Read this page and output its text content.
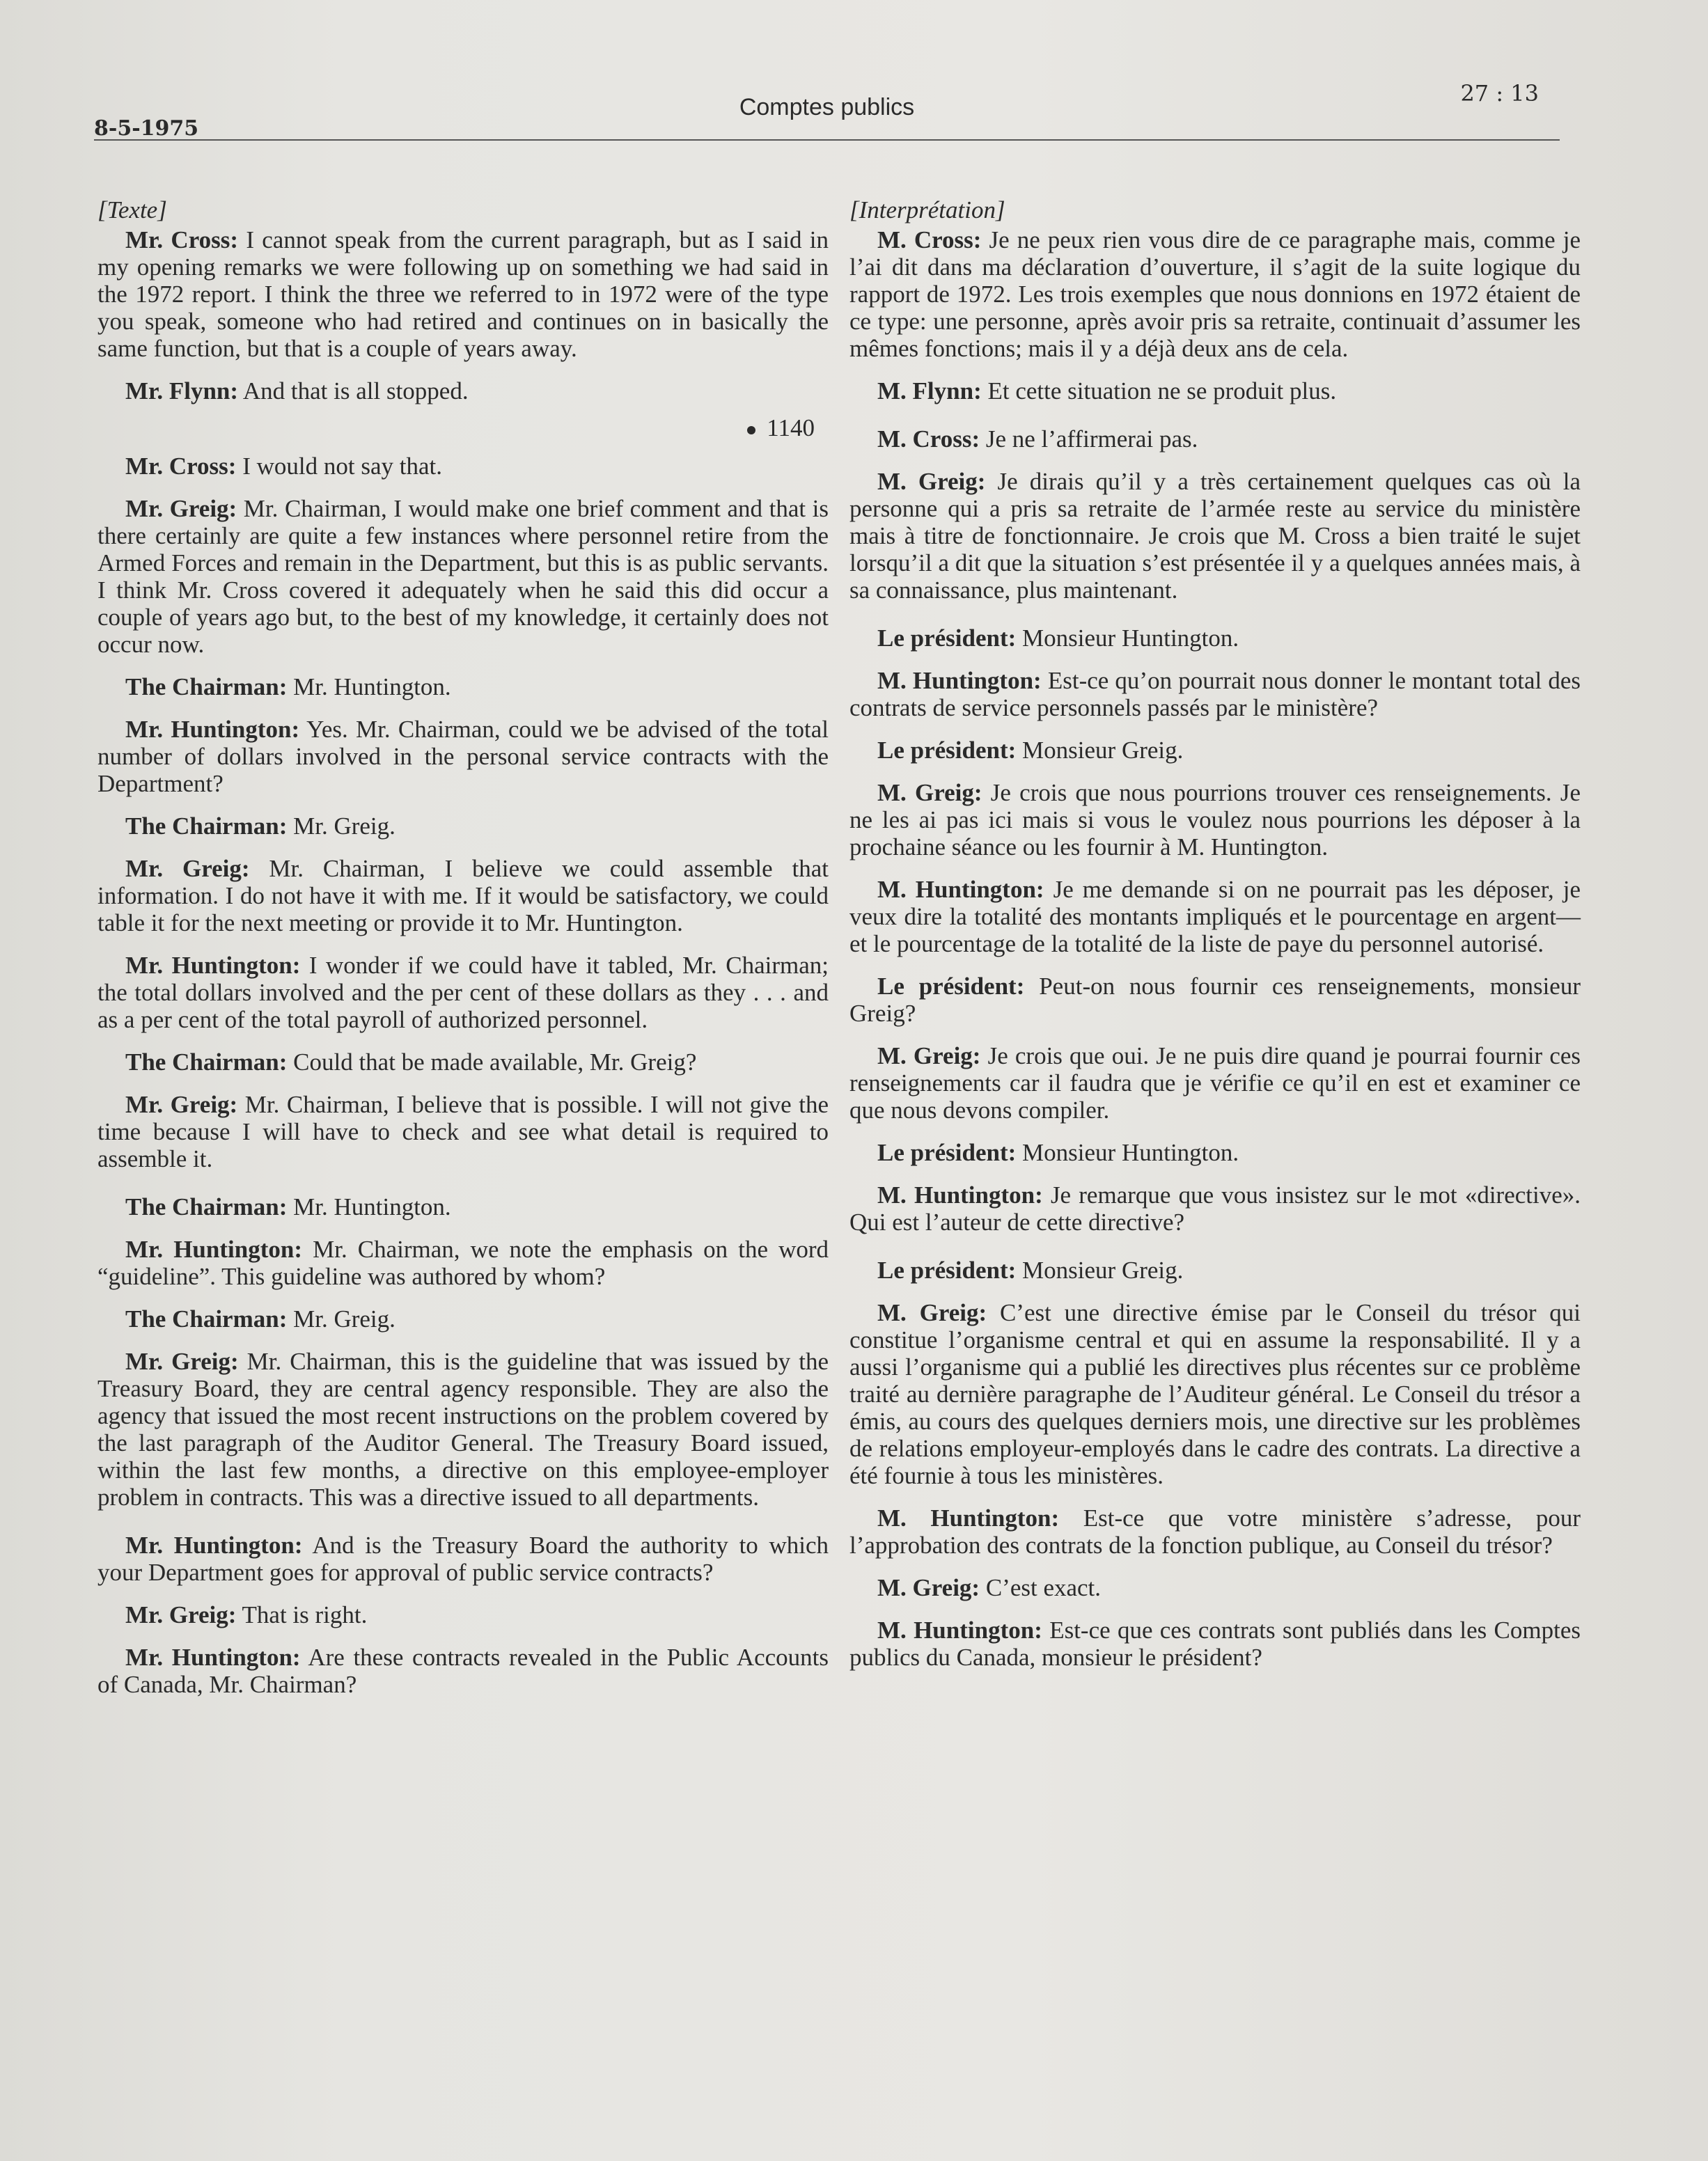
8-5-1975
Comptes publics
27 : 13
[Texte]

Mr. Cross: I cannot speak from the current paragraph, but as I said in my opening remarks we were following up on something we had said in the 1972 report. I think the three we referred to in 1972 were of the type you speak, someone who had retired and continues on in basically the same function, but that is a couple of years away.

Mr. Flynn: And that is all stopped.

1140

Mr. Cross: I would not say that.

Mr. Greig: Mr. Chairman, I would make one brief comment and that is there certainly are quite a few instances where personnel retire from the Armed Forces and remain in the Department, but this is as public servants. I think Mr. Cross covered it adequately when he said this did occur a couple of years ago but, to the best of my knowledge, it certainly does not occur now.

The Chairman: Mr. Huntington.

Mr. Huntington: Yes. Mr. Chairman, could we be advised of the total number of dollars involved in the personal service contracts with the Department?

The Chairman: Mr. Greig.

Mr. Greig: Mr. Chairman, I believe we could assemble that information. I do not have it with me. If it would be satisfactory, we could table it for the next meeting or provide it to Mr. Huntington.

Mr. Huntington: I wonder if we could have it tabled, Mr. Chairman; the total dollars involved and the per cent of these dollars as they . . . and as a per cent of the total payroll of authorized personnel.

The Chairman: Could that be made available, Mr. Greig?

Mr. Greig: Mr. Chairman, I believe that is possible. I will not give the time because I will have to check and see what detail is required to assemble it.

The Chairman: Mr. Huntington.

Mr. Huntington: Mr. Chairman, we note the emphasis on the word “guideline”. This guideline was authored by whom?

The Chairman: Mr. Greig.

Mr. Greig: Mr. Chairman, this is the guideline that was issued by the Treasury Board, they are central agency responsible. They are also the agency that issued the most recent instructions on the problem covered by the last paragraph of the Auditor General. The Treasury Board issued, within the last few months, a directive on this employee-employer problem in contracts. This was a directive issued to all departments.

Mr. Huntington: And is the Treasury Board the authority to which your Department goes for approval of public service contracts?

Mr. Greig: That is right.

Mr. Huntington: Are these contracts revealed in the Public Accounts of Canada, Mr. Chairman?

[Interprétation]

M. Cross: Je ne peux rien vous dire de ce paragraphe mais, comme je l’ai dit dans ma déclaration d’ouverture, il s’agit de la suite logique du rapport de 1972. Les trois exemples que nous donnions en 1972 étaient de ce type: une personne, après avoir pris sa retraite, continuait d’assumer les mêmes fonctions; mais il y a déjà deux ans de cela.

M. Flynn: Et cette situation ne se produit plus.

M. Cross: Je ne l’affirmerai pas.

M. Greig: Je dirais qu’il y a très certainement quelques cas où la personne qui a pris sa retraite de l’armée reste au service du ministère mais à titre de fonctionnaire. Je crois que M. Cross a bien traité le sujet lorsqu’il a dit que la situation s’est présentée il y a quelques années mais, à sa connaissance, plus maintenant.

Le président: Monsieur Huntington.

M. Huntington: Est-ce qu’on pourrait nous donner le montant total des contrats de service personnels passés par le ministère?

Le président: Monsieur Greig.

M. Greig: Je crois que nous pourrions trouver ces renseignements. Je ne les ai pas ici mais si vous le voulez nous pourrions les déposer à la prochaine séance ou les fournir à M. Huntington.

M. Huntington: Je me demande si on ne pourrait pas les déposer, je veux dire la totalité des montants impliqués et le pourcentage en argent—et le pourcentage de la totalité de la liste de paye du personnel autorisé.

Le président: Peut-on nous fournir ces renseignements, monsieur Greig?

M. Greig: Je crois que oui. Je ne puis dire quand je pourrai fournir ces renseignements car il faudra que je vérifie ce qu’il en est et examiner ce que nous devons compiler.

Le président: Monsieur Huntington.

M. Huntington: Je remarque que vous insistez sur le mot «directive». Qui est l’auteur de cette directive?

Le président: Monsieur Greig.

M. Greig: C’est une directive émise par le Conseil du trésor qui constitue l’organisme central et qui en assume la responsabilité. Il y a aussi l’organisme qui a publié les directives plus récentes sur ce problème traité au dernière paragraphe de l’Auditeur général. Le Conseil du trésor a émis, au cours des quelques derniers mois, une directive sur les problèmes de relations employeur-employés dans le cadre des contrats. La directive a été fournie à tous les ministères.

M. Huntington: Est-ce que votre ministère s’adresse, pour l’approbation des contrats de la fonction publique, au Conseil du trésor?

M. Greig: C’est exact.

M. Huntington: Est-ce que ces contrats sont publiés dans les Comptes publics du Canada, monsieur le président?
